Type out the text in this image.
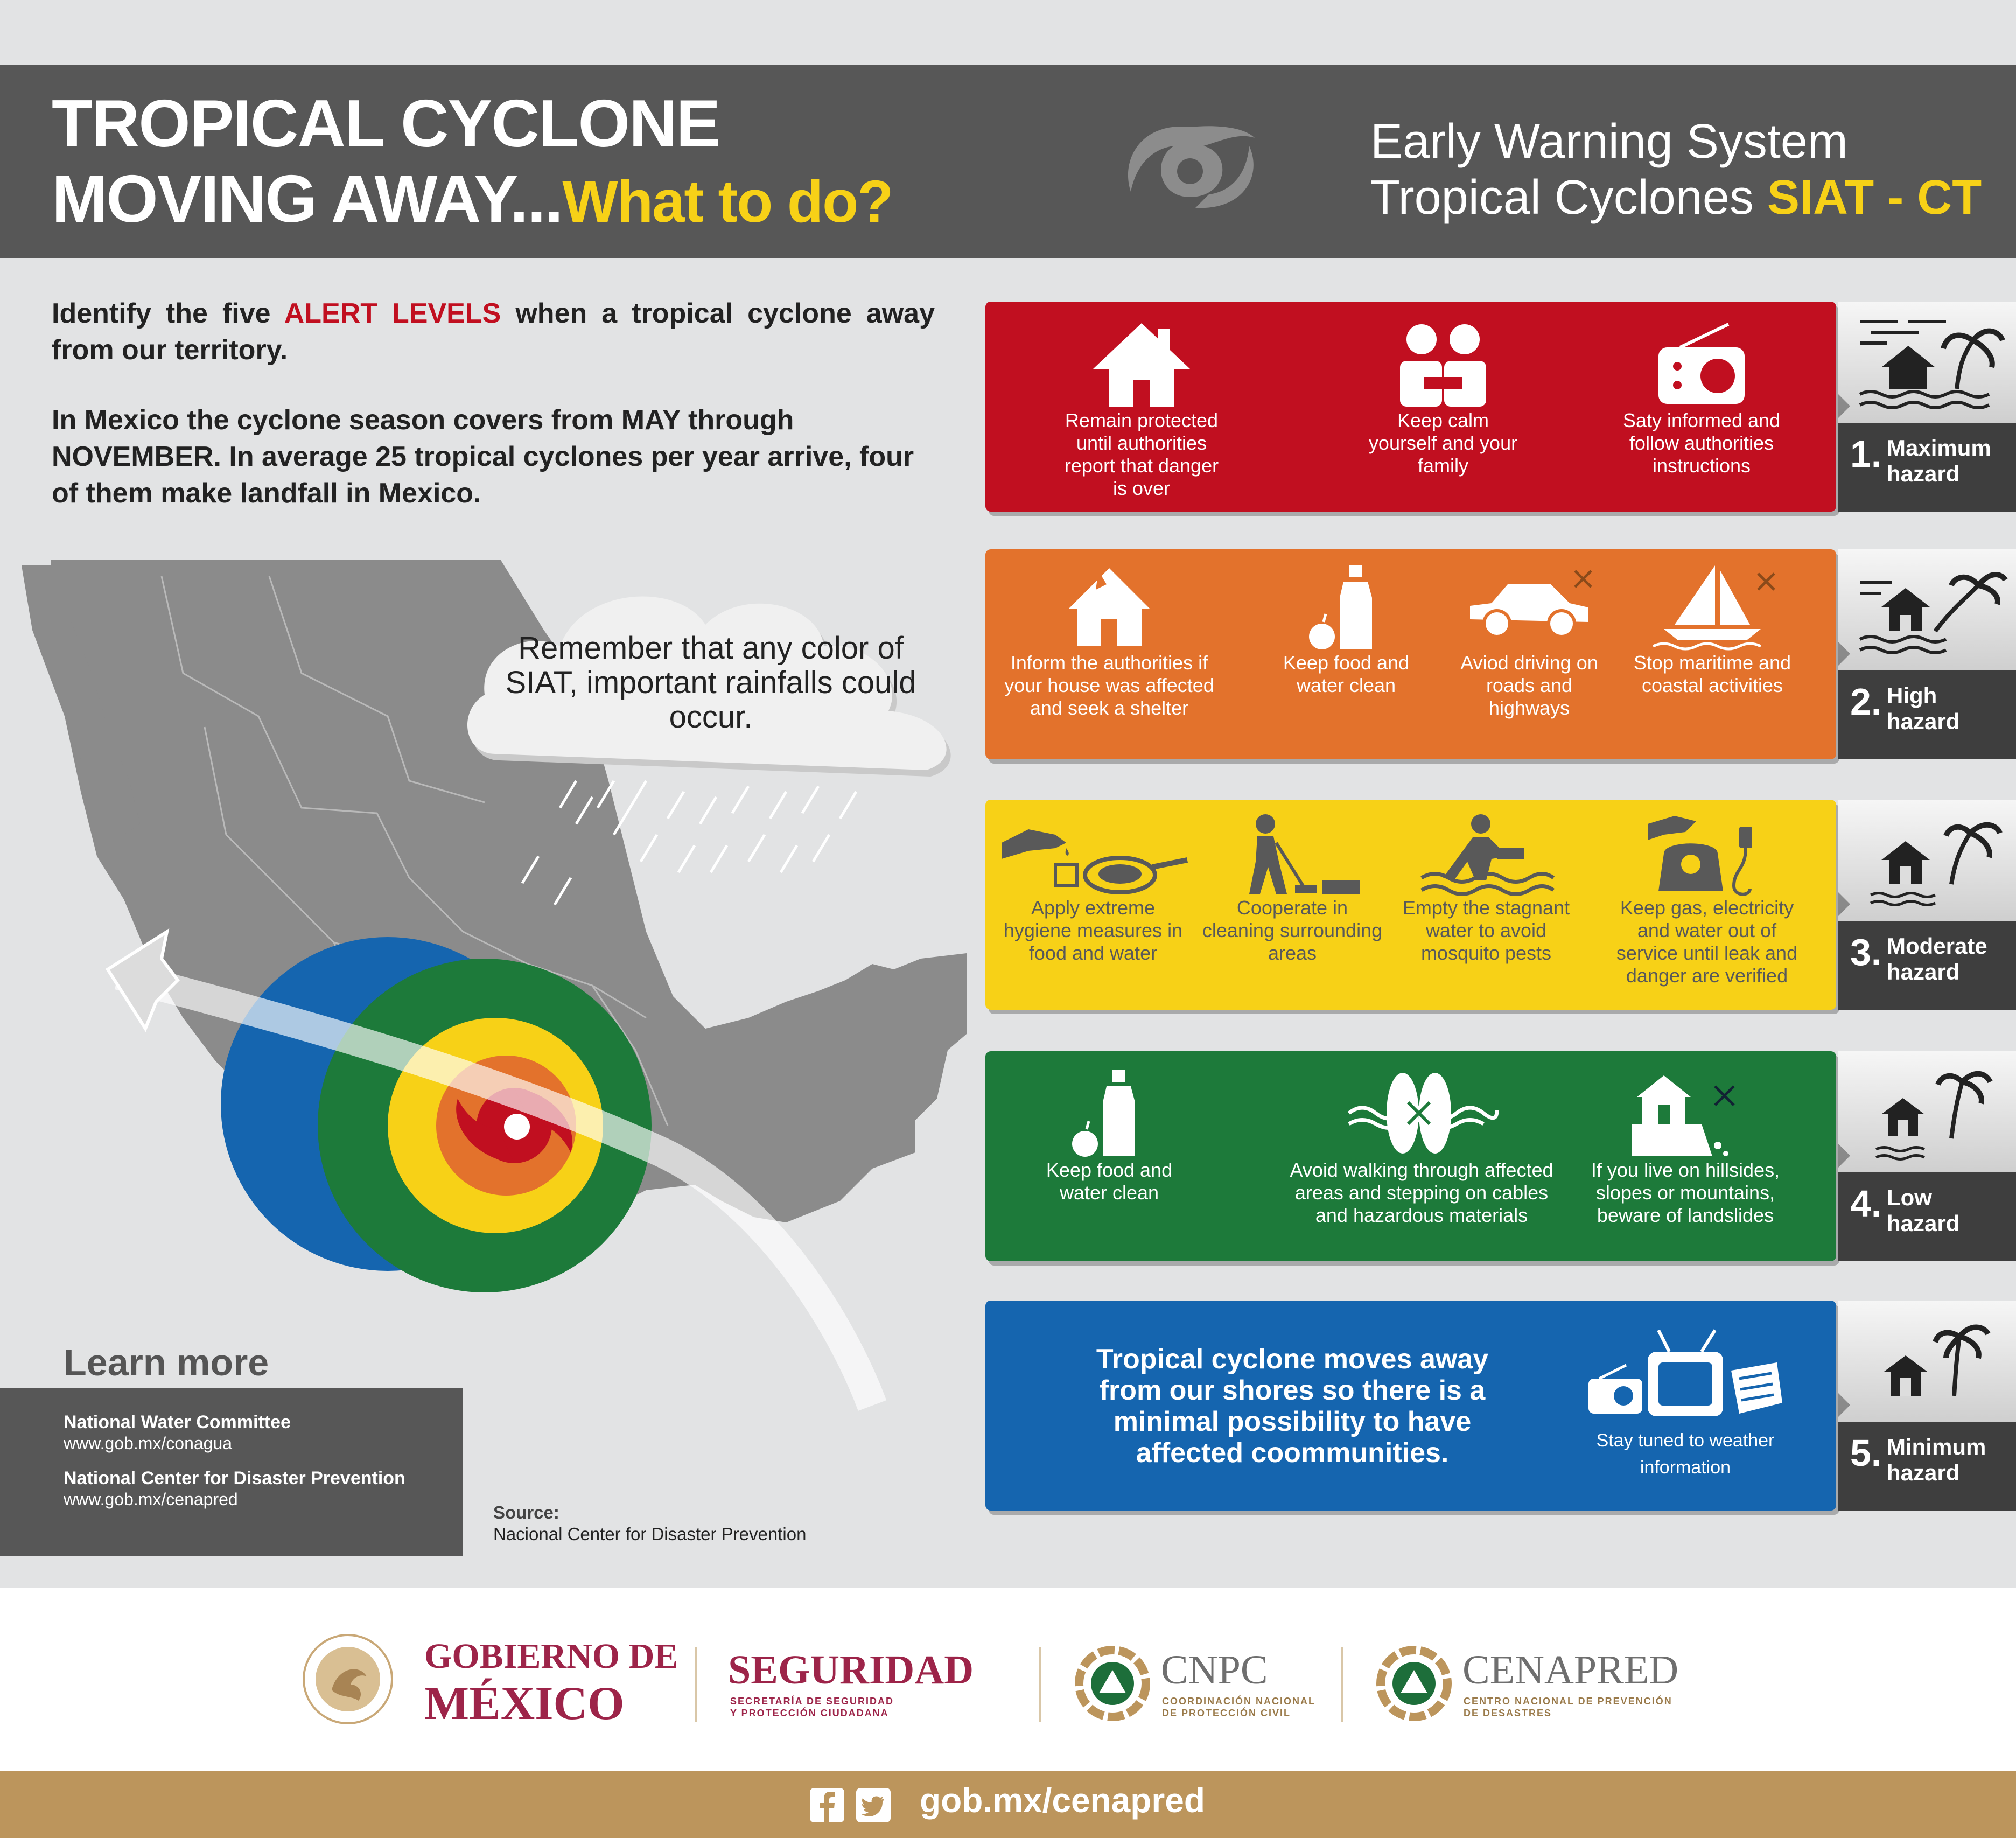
TROPICAL CYCLONE
MOVING AWAY...What to do?
Early Warning System
Tropical Cyclones SIAT - CT
Identify the five ALERT LEVELS when a tropical cyclone away from our territory.
In Mexico the cyclone season covers from MAY through NOVEMBER. In average 25 tropical cyclones per year arrive, four of them make landfall in Mexico.
Remember that any color of SIAT, important rainfalls could occur.
Remain protected until authorities report that danger is over
Keep calm yourself and your family
Saty informed and follow authorities instructions	1. Maximum
hazard
Inform the authorities if your house was affected and seek a shelter
Keep food and water clean
Aviod driving on roads and highways
Stop maritime and coastal activities	2. High
hazard
Apply extreme hygiene measures in food and water
Cooperate in cleaning surrounding areas
Empty the stagnant water to avoid mosquito pests
Keep gas, electricity and water out of service until leak and danger are verified
3. Moderate
hazard
Keep food and water clean
Avoid walking through affected areas and stepping on cables and hazardous materials
If you live on hillsides, slopes or mountains, beware of landslides	4. Low
hazard
Tropical cyclone moves away from our shores so there is a minimal possibility to have affected coommunities.	Stay tuned to weather information	5. Minimum
hazard
Learn more
National Water Committee
www.gob.mx/conagua
National Center for Disaster Prevention
www.gob.mx/cenapred
Source:
Nacional Center for Disaster Prevention
GOBIERNO DE
MÉXICO
SEGURIDAD
SECRETARÍA DE SEGURIDAD
Y PROTECCIÓN CIUDADANA
CNPC
COORDINACIÓN NACIONAL
DE PROTECCIÓN CIVIL
CENAPRED
CENTRO NACIONAL DE PREVENCIÓN
DE DESASTRES
gob.mx/cenapred
